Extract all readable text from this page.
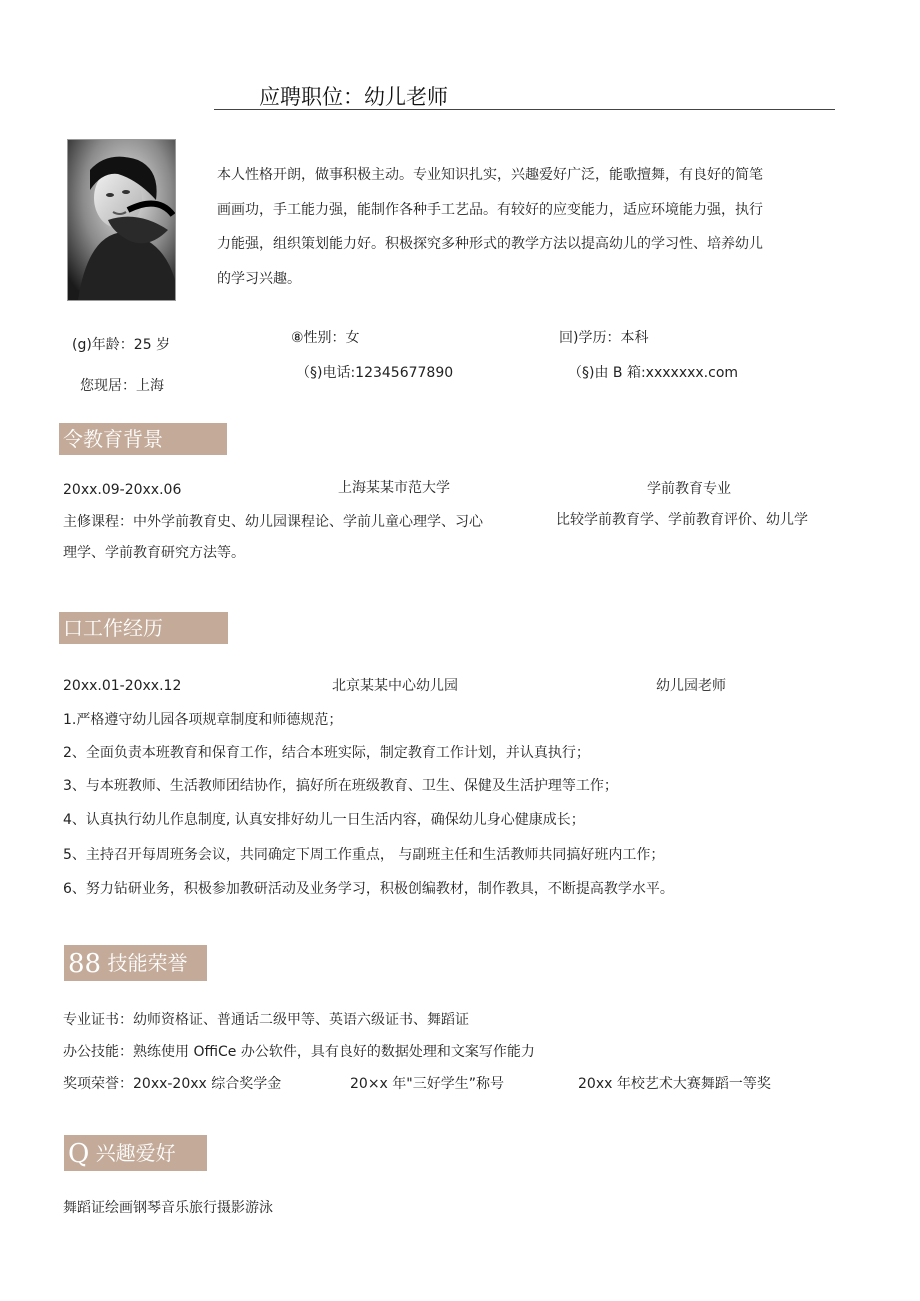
应聘职位：幼儿老师
本人性格开朗，做事积极主动。专业知识扎实，兴趣爱好广泛，能歌擅舞，有良好的简笔
画画功，手工能力强，能制作各种手工艺品。有较好的应变能力，适应环境能力强，执行
力能强，组织策划能力好。积极探究多种形式的教学方法以提高幼儿的学习性、培养幼儿
的学习兴趣。
(g)年龄：25 岁	⑧性别：女	回)学历：本科
您现居：上海
（§)电话:12345677890	（§)由 B 箱:xxxxxxx.com
令教育背景
20xx.09-20xx.06	上海某某市范大学	学前教育专业
主修课程：中外学前教育史、幼儿园课程论、学前儿童心理学、习心	比较学前教育学、学前教育评价、幼儿学
理学、学前教育研究方法等。
口工作经历
20xx.01-20xx.12	北京某某中心幼儿园	幼儿园老师
1.严格遵守幼儿园各项规章制度和师德规范；
2、全面负责本班教育和保育工作，结合本班实际，制定教育工作计划，并认真执行；
3、与本班教师、生活教师团结协作，搞好所在班级教育、卫生、保健及生活护理等工作；
4、认真执行幼儿作息制度, 认真安排好幼儿一日生活内容，确保幼儿身心健康成长；
5、主持召开每周班务会议，共同确定下周工作重点， 与副班主任和生活教师共同搞好班内工作；
6、努力钻研业务，积极参加教研活动及业务学习，积极创编教材，制作教具，不断提高教学水平。
88 技能荣誉
专业证书：幼师资格证、普通话二级甲等、英语六级证书、舞蹈证
办公技能：熟练使用 OffiCe 办公软件，具有良好的数据处理和文案写作能力
奖项荣誉：20xx-20xx 综合奖学金	20×x 年"三好学生”称号	20xx 年校艺术大赛舞蹈一等奖
Q 兴趣爱好
舞蹈证绘画钢琴音乐旅行摄影游泳
